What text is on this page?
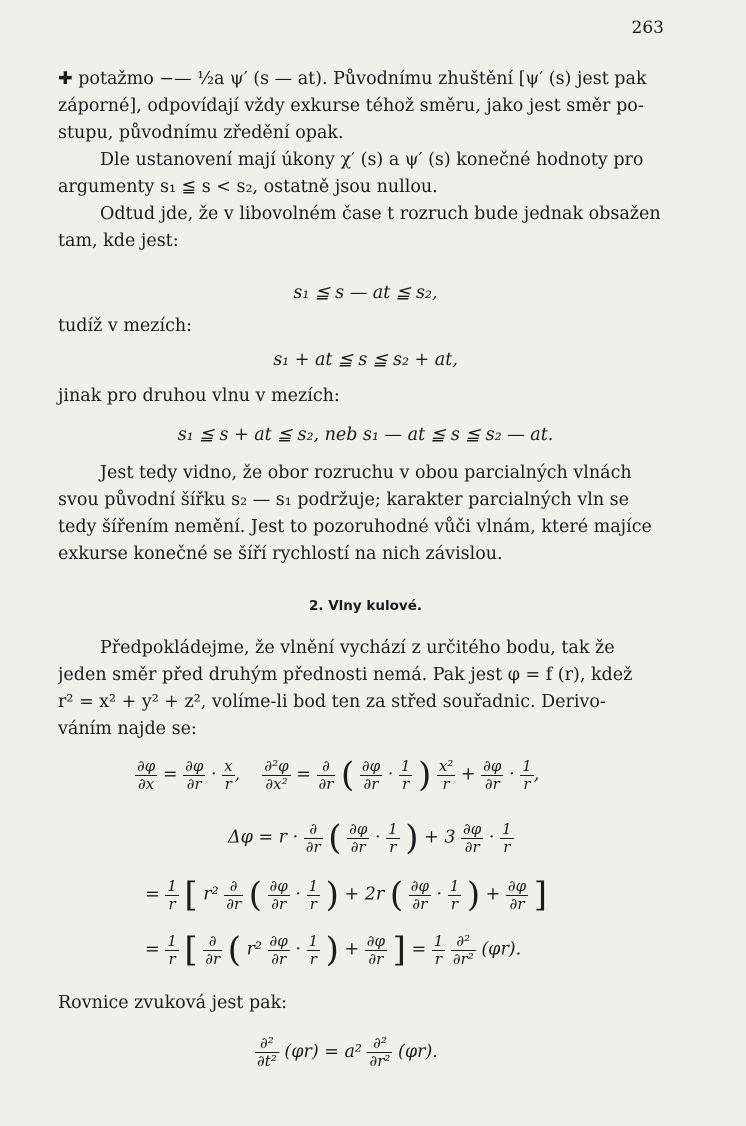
263
✚ potažmo −— ½a ψ′ (s — at). Původnímu zhuštění [ψ′ (s) jest pak
záporné], odpovídají vždy exkurse téhož směru, jako jest směr po-
stupu, původnímu zředění opak.
Dle ustanovení mají úkony χ′ (s) a ψ′ (s) konečné hodnoty pro
argumenty s₁ ≦ s < s₂, ostatně jsou nullou.
Odtud jde, že v libovolném čase t rozruch bude jednak obsažen
tam, kde jest:
s₁ ≦ s — at ≦ s₂,
tudíž v mezích:
s₁ + at ≦ s ≦ s₂ + at,
jinak pro druhou vlnu v mezích:
s₁ ≦ s + at ≦ s₂, neb s₁ — at ≦ s ≦ s₂ — at.
Jest tedy vidno, že obor rozruchu v obou parcialných vlnách
svou původní šířku s₂ — s₁ podržuje; karakter parcialných vln se
tedy šířením nemění. Jest to pozoruhodné vůči vlnám, které majíce
exkurse konečné se šíří rychlostí na nich závislou.
2. Vlny kulové.
Předpokládejme, že vlnění vychází z určitého bodu, tak že
jeden směr před druhým přednosti nemá. Pak jest φ = f (r), kdež
r² = x² + y² + z², volíme-li bod ten za střed souřadnic. Derivo-
váním najde se:
$\frac{\partial\varphi}{\partial x} = \frac{\partial\varphi}{\partial r} \cdot \frac{x}{r}$ , $\frac{\text{∂²φ}}{\text{∂x²}} = \frac{\partial}{\partial r}$ ( $\frac{\partial\varphi}{\partial r} \cdot \frac{1}{r}$ ) $\frac{\text{x²}}{r} + \frac{\partial\varphi}{\partial r} \cdot \frac{1}{r}$ ,
$\Delta\varphi = r \cdot \frac{\partial}{\partial r}$ ( $\frac{\partial\varphi}{\partial r} \cdot \frac{1}{r}$ ) + $3 \frac{\partial\varphi}{\partial r} \cdot \frac{1}{r}$
= $\frac{1}{r}$ [ $r^2 \frac{\partial}{\partial r}$ ( $\frac{\partial\varphi}{\partial r} \cdot \frac{1}{r}$ ) + 2r ( $\frac{\partial\varphi}{\partial r} \cdot \frac{1}{r}$ ) + $\frac{\partial\varphi}{\partial r}$ ]
= $\frac{1}{r}$ [ $\frac{\partial}{\partial r}$ ( $r^2 \frac{\partial\varphi}{\partial r} \cdot \frac{1}{r}$ ) + $\frac{\partial\varphi}{\partial r}$ ] = $\frac{1}{r}$
$\frac{\text{∂²}}{\text{∂r²}} (\varphi r)$.
Rovnice zvuková jest pak:
$\frac{\text{∂²}}{\text{∂t²}} (\varphi r) = a^2 \frac{\text{∂²}}{\text{∂r²}} (\varphi r)$.
